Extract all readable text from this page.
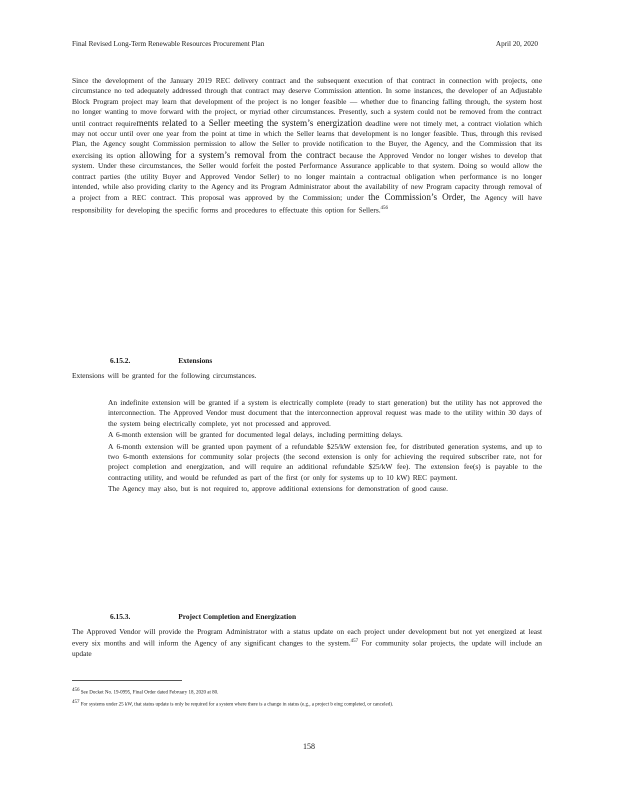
Final Revised Long-Term Renewable Resources Procurement Plan	April 20, 2020
Since the development of the January 2019 REC delivery contract and the subsequent execution of that contract in connection with projects, one circumstance no ted adequately addressed through that contract may deserve Commission attention. In some instances, the developer of an Adjustable Block Program project may learn that development of the project is no longer feasible — whether due to financing falling through, the system host no longer wanting to move forward with the project, or myriad other circumstances. Presently, such a system could not be removed from the contract until contract requirements related to a Seller meeting the system’s energization deadline were not timely met, a contract violation which may not occur until over one year from the point at time in which the Seller learns that development is no longer feasible. Thus, through this revised Plan, the Agency sought Commission permission to allow the Seller to provide notification to the Buyer, the Agency, and the Commission that its exercising its option allowing for a system’s removal from the contract because the Approved Vendor no longer wishes to develop that system. Under these circumstances, the Seller would forfeit the posted Performance Assurance applicable to that system. Doing so would allow the contract parties (the utility Buyer and Approved Vendor Seller) to no longer maintain a contractual obligation when performance is no longer intended, while also providing clarity to the Agency and its Program Administrator about the availability of new Program capacity through removal of a project from a REC contract. This proposal was approved by the Commission; under the Commission’s Order, the Agency will have responsibility for developing the specific forms and procedures to effectuate this option for Sellers.$^{456}$
6.15.2.	Extensions
Extensions will be granted for the following circumstances.
An indefinite extension will be granted if a system is electrically complete (ready to start generation) but the utility has not approved the interconnection. The Approved Vendor must document that the interconnection approval request was made to the utility within 30 days of the system being electrically complete, yet not processed and approved.
A 6-month extension will be granted for documented legal delays, including permitting delays.
A 6-month extension will be granted upon payment of a refundable $25/kW extension fee, for distributed generation systems, and up to two 6-month extensions for community solar projects (the second extension is only for achieving the required subscriber rate, not for project completion and energization, and will require an additional refundable $25/kW fee). The extension fee(s) is payable to the contracting utility, and would be refunded as part of the first (or only for systems up to 10 kW) REC payment.
The Agency may also, but is not required to, approve additional extensions for demonstration of good cause.
6.15.3.	Project Completion and Energization
The Approved Vendor will provide the Program Administrator with a status update on each project under development but not yet energized at least every six months and will inform the Agency of any significant changes to the system.$^{457}$ For community solar projects, the update will include an update
$^{456}$ See Docket No. 19-0995, Final Order dated February 18, 2020 at 80.
$^{457}$ For systems under 25 kW, that status update is only be required for a system where there is a change in status (e.g., a project b eing completed, or canceled).
158
